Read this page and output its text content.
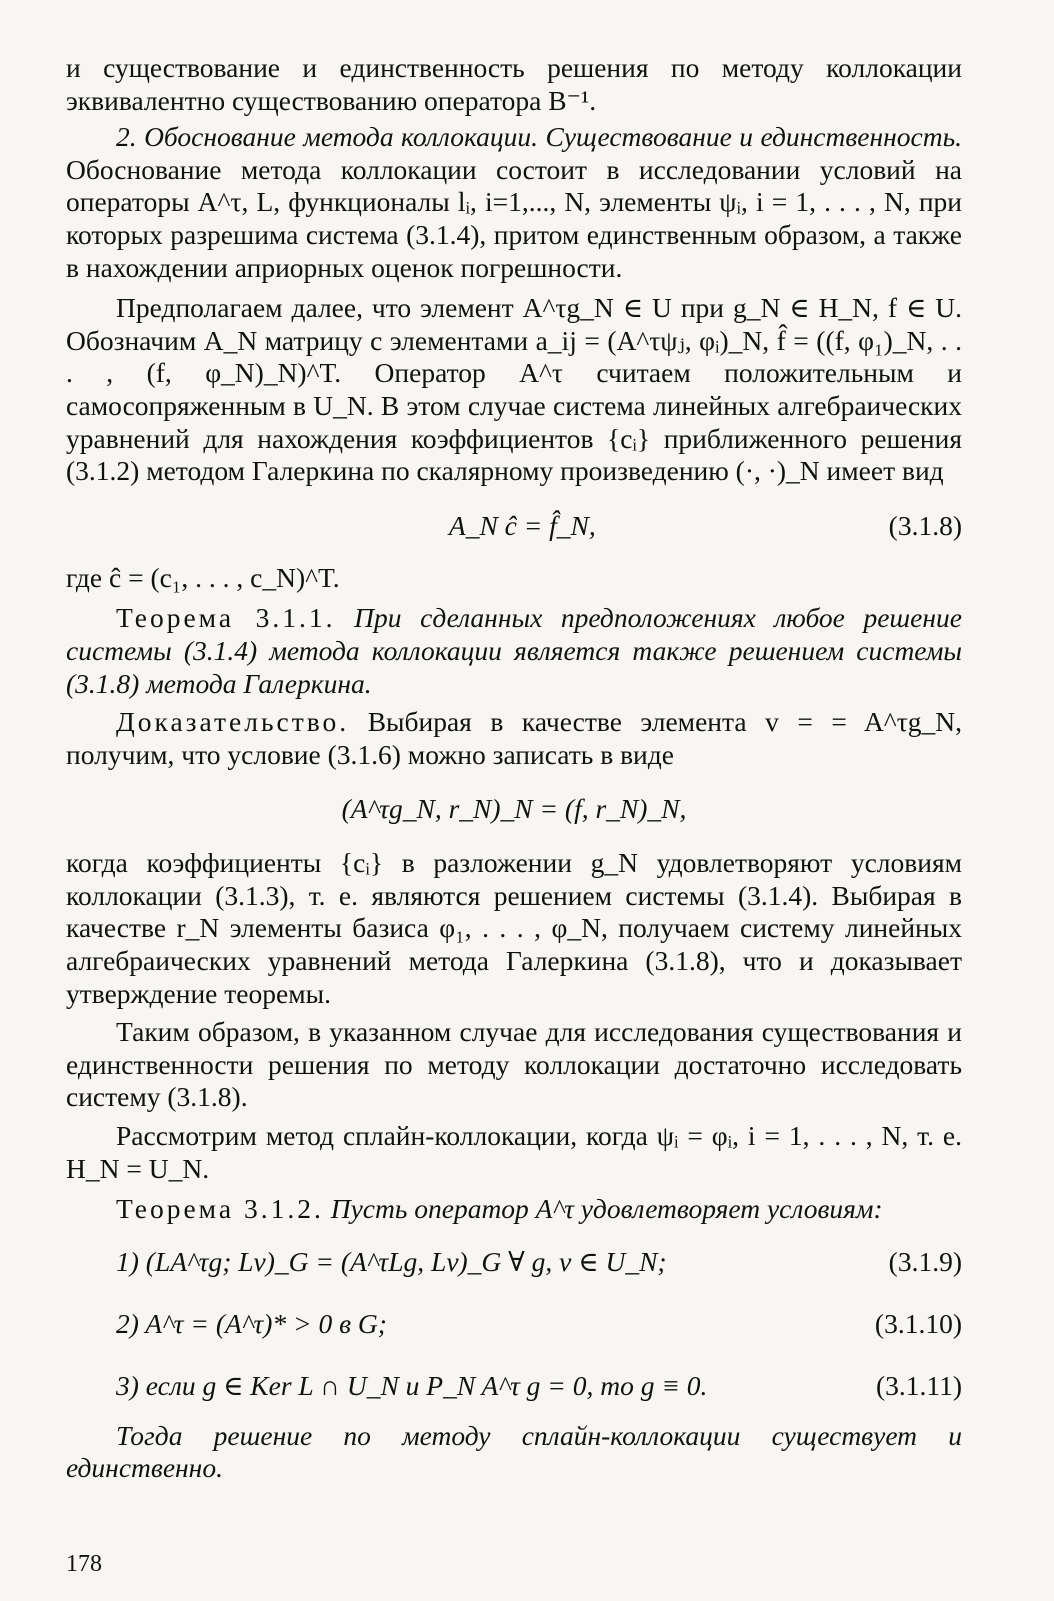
и существование и единственность решения по методу коллокации эквивалентно существованию оператора B⁻¹.

2. Обоснование метода коллокации. Существование и единственность. Обоснование метода коллокации состоит в исследовании условий на операторы A^τ, L, функционалы lᵢ, i=1,..., N, элементы ψᵢ, i = 1, . . . , N, при которых разрешима система (3.1.4), притом единственным образом, а также в нахождении априорных оценок погрешности.

Предполагаем далее, что элемент A^τg_N ∈ U при g_N ∈ H_N, f ∈ U. Обозначим A_N матрицу с элементами a_ij = (A^τψⱼ, φᵢ)_N, f̂ = ((f, φ₁)_N, . . . , (f, φ_N)_N)^T. Оператор A^τ считаем положительным и самосопряженным в U_N. В этом случае система линейных алгебраических уравнений для нахождения коэффициентов {cᵢ} приближенного решения (3.1.2) методом Галеркина по скалярному произведению (·, ·)_N имеет вид

A_N ĉ = f̂_N,	(3.1.8)

где ĉ = (c₁, . . . , c_N)^T.

Теорема 3.1.1. При сделанных предположениях любое решение системы (3.1.4) метода коллокации является также решением системы (3.1.8) метода Галеркина.

Доказательство. Выбирая в качестве элемента v = = A^τg_N, получим, что условие (3.1.6) можно записать в виде

(A^τg_N, r_N)_N = (f, r_N)_N,

когда коэффициенты {cᵢ} в разложении g_N удовлетворяют условиям коллокации (3.1.3), т. е. являются решением системы (3.1.4). Выбирая в качестве r_N элементы базиса φ₁, . . . , φ_N, получаем систему линейных алгебраических уравнений метода Галеркина (3.1.8), что и доказывает утверждение теоремы.

Таким образом, в указанном случае для исследования существования и единственности решения по методу коллокации достаточно исследовать систему (3.1.8).

Рассмотрим метод сплайн-коллокации, когда ψᵢ = φᵢ, i = 1, . . . , N, т. е. H_N = U_N.

Теорема 3.1.2. Пусть оператор A^τ удовлетворяет условиям:

1) (LA^τg; Lv)_G = (A^τLg, Lv)_G ∀ g, v ∈ U_N;	(3.1.9)
2) A^τ = (A^τ)* > 0 в G;	(3.1.10)
3) если g ∈ Ker L ∩ U_N и P_N A^τ g = 0, то g ≡ 0.	(3.1.11)

Тогда решение по методу сплайн-коллокации существует и единственно.

178
